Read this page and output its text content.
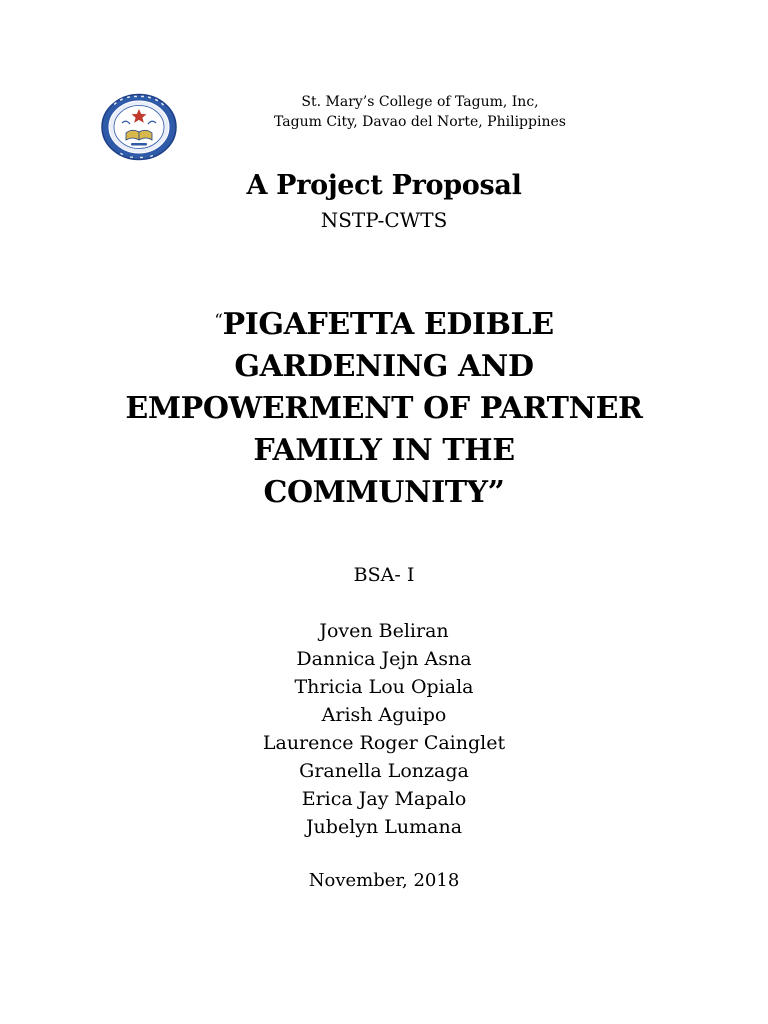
St. Mary’s College of Tagum, Inc,
Tagum City, Davao del Norte, Philippines
A Project Proposal
NSTP-CWTS
“PIGAFETTA EDIBLE
GARDENING AND
EMPOWERMENT OF PARTNER
FAMILY IN THE
COMMUNITY”
BSA- I
Joven Beliran
Dannica Jejn Asna
Thricia Lou Opiala
Arish Aguipo
Laurence Roger Cainglet
Granella Lonzaga
Erica Jay Mapalo
Jubelyn Lumana
November, 2018
